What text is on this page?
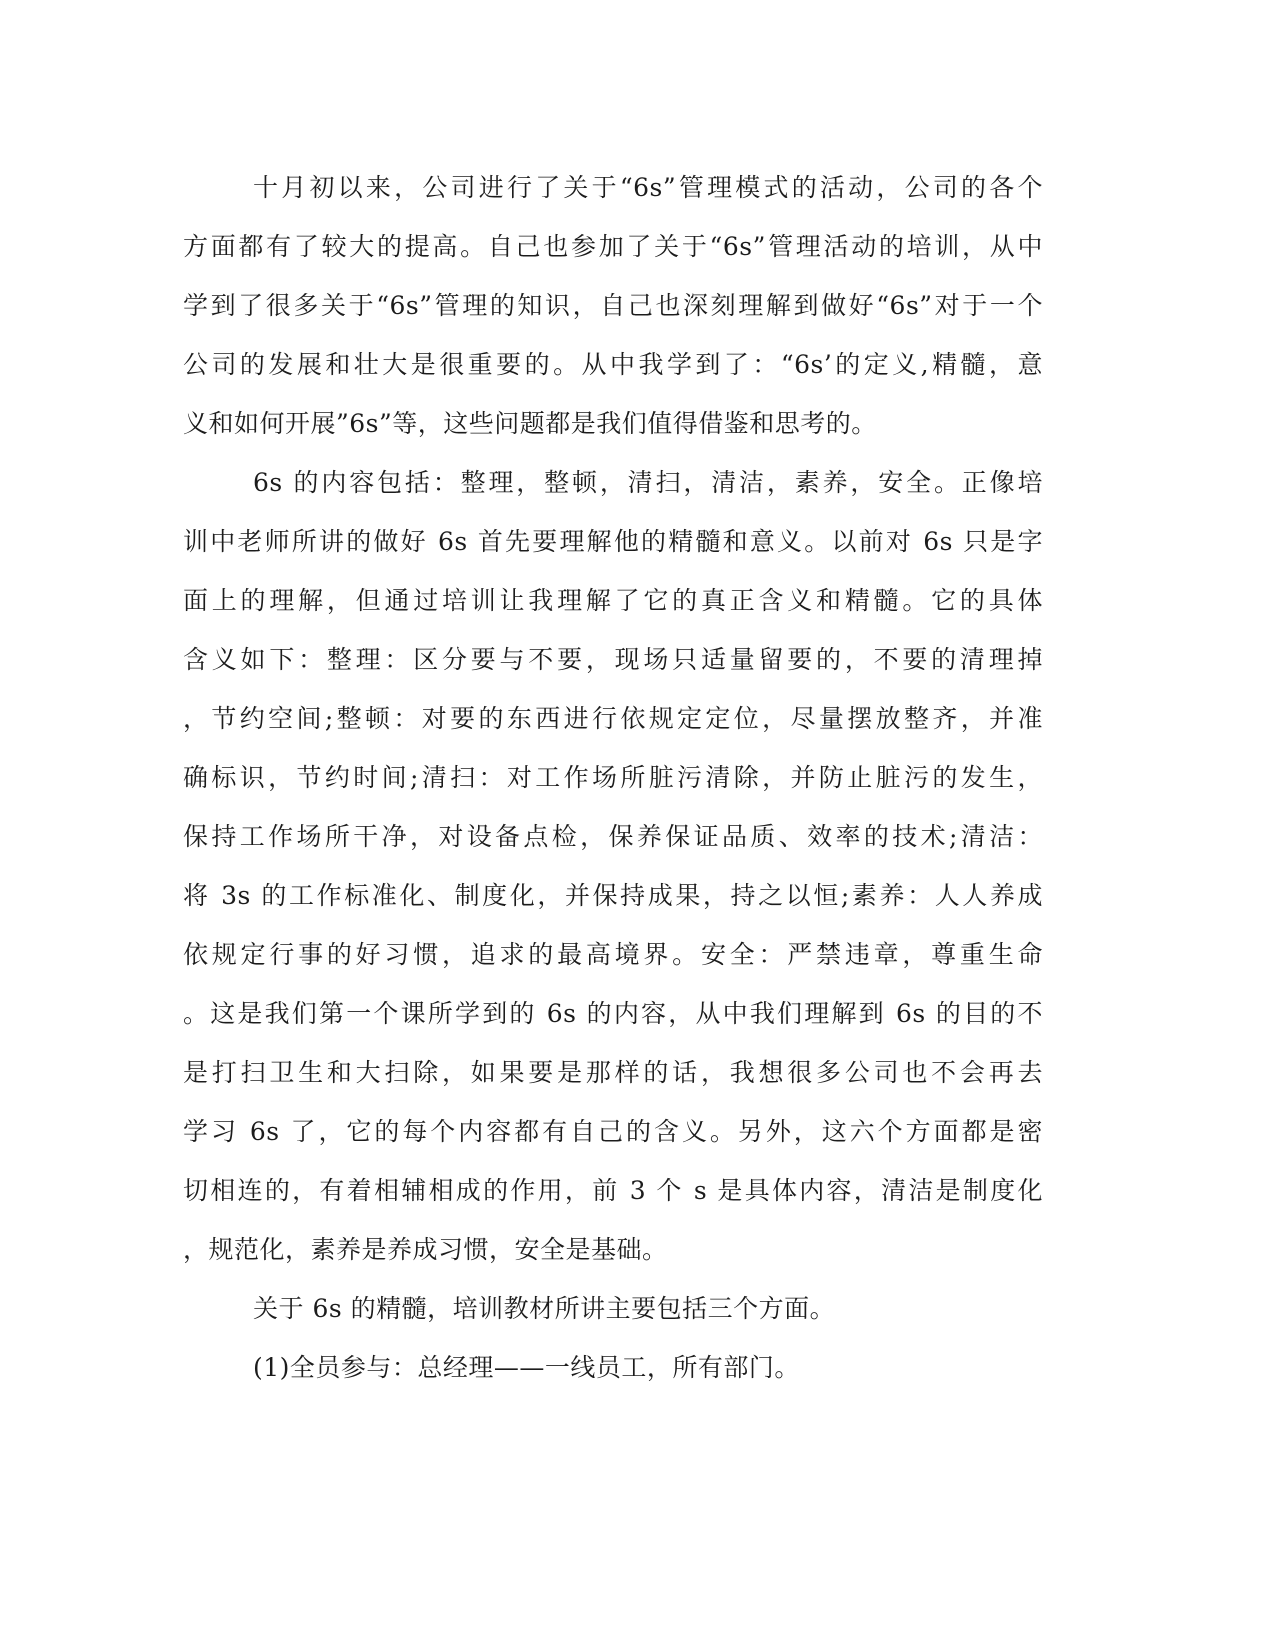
十月初以来，公司进行了关于“6s”管理模式的活动，公司的各个
方面都有了较大的提高。自己也参加了关于“6s”管理活动的培训，从中
学到了很多关于“6s”管理的知识，自己也深刻理解到做好“6s”对于一个
公司的发展和壮大是很重要的。从中我学到了：“6s’的定义,精髓，意
义和如何开展”6s”等，这些问题都是我们值得借鉴和思考的。
6s 的内容包括：整理，整顿，清扫，清洁，素养，安全。正像培
训中老师所讲的做好 6s 首先要理解他的精髓和意义。以前对 6s 只是字
面上的理解，但通过培训让我理解了它的真正含义和精髓。它的具体
含义如下：整理：区分要与不要，现场只适量留要的，不要的清理掉
，节约空间;整顿：对要的东西进行依规定定位，尽量摆放整齐，并准
确标识，节约时间;清扫：对工作场所脏污清除，并防止脏污的发生，
保持工作场所干净，对设备点检，保养保证品质、效率的技术;清洁：
将 3s 的工作标准化、制度化，并保持成果，持之以恒;素养：人人养成
依规定行事的好习惯，追求的最高境界。安全：严禁违章，尊重生命
。这是我们第一个课所学到的 6s 的内容，从中我们理解到 6s 的目的不
是打扫卫生和大扫除，如果要是那样的话，我想很多公司也不会再去
学习 6s 了，它的每个内容都有自己的含义。另外，这六个方面都是密
切相连的，有着相辅相成的作用，前 3 个 s 是具体内容，清洁是制度化
，规范化，素养是养成习惯，安全是基础。
关于 6s 的精髓，培训教材所讲主要包括三个方面。
(1)全员参与：总经理——一线员工，所有部门。
